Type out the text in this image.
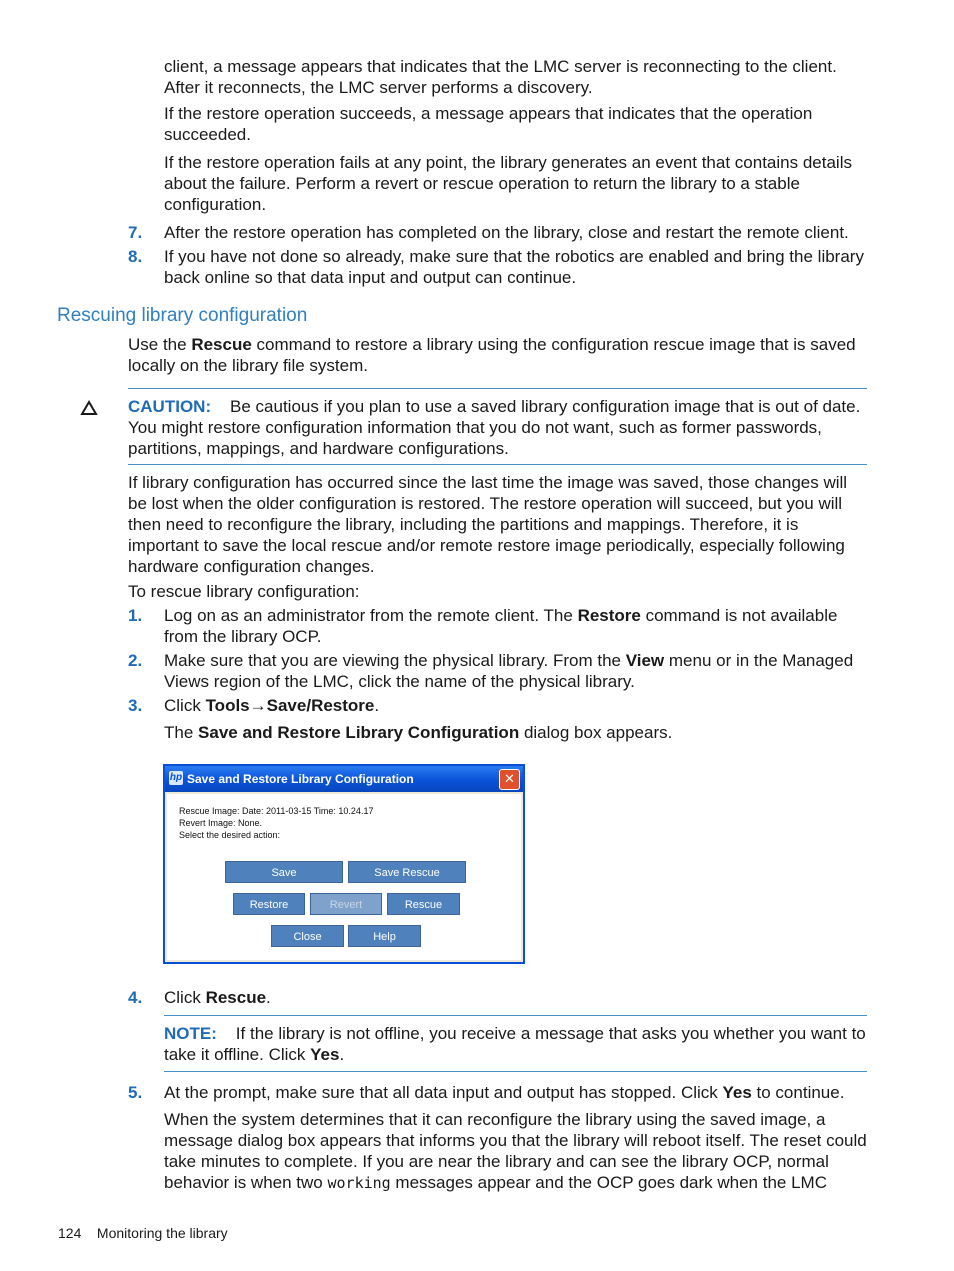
client, a message appears that indicates that the LMC server is reconnecting to the client. After it reconnects, the LMC server performs a discovery.

If the restore operation succeeds, a message appears that indicates that the operation succeeded.

If the restore operation fails at any point, the library generates an event that contains details about the failure. Perform a revert or rescue operation to return the library to a stable configuration.

7. After the restore operation has completed on the library, close and restart the remote client.

8. If you have not done so already, make sure that the robotics are enabled and bring the library back online so that data input and output can continue.

Rescuing library configuration

Use the Rescue command to restore a library using the configuration rescue image that is saved locally on the library file system.

CAUTION: Be cautious if you plan to use a saved library configuration image that is out of date. You might restore configuration information that you do not want, such as former passwords, partitions, mappings, and hardware configurations.

If library configuration has occurred since the last time the image was saved, those changes will be lost when the older configuration is restored. The restore operation will succeed, but you will then need to reconfigure the library, including the partitions and mappings. Therefore, it is important to save the local rescue and/or remote restore image periodically, especially following hardware configuration changes.

To rescue library configuration:

1. Log on as an administrator from the remote client. The Restore command is not available from the library OCP.

2. Make sure that you are viewing the physical library. From the View menu or in the Managed Views region of the LMC, click the name of the physical library.

3. Click Tools→Save/Restore.

The Save and Restore Library Configuration dialog box appears.

hp Save and Restore Library Configuration	✕
Rescue Image: Date: 2011-03-15 Time: 10.24.17
Revert Image: None.
Select the desired action:
Save	Save Rescue
Restore	Revert	Rescue
Close	Help
4. Click Rescue.

NOTE: If the library is not offline, you receive a message that asks you whether you want to take it offline. Click Yes.

5. At the prompt, make sure that all data input and output has stopped. Click Yes to continue.

When the system determines that it can reconfigure the library using the saved image, a message dialog box appears that informs you that the library will reboot itself. The reset could take minutes to complete. If you are near the library and can see the library OCP, normal behavior is when two working messages appear and the OCP goes dark when the LMC

124 Monitoring the library
